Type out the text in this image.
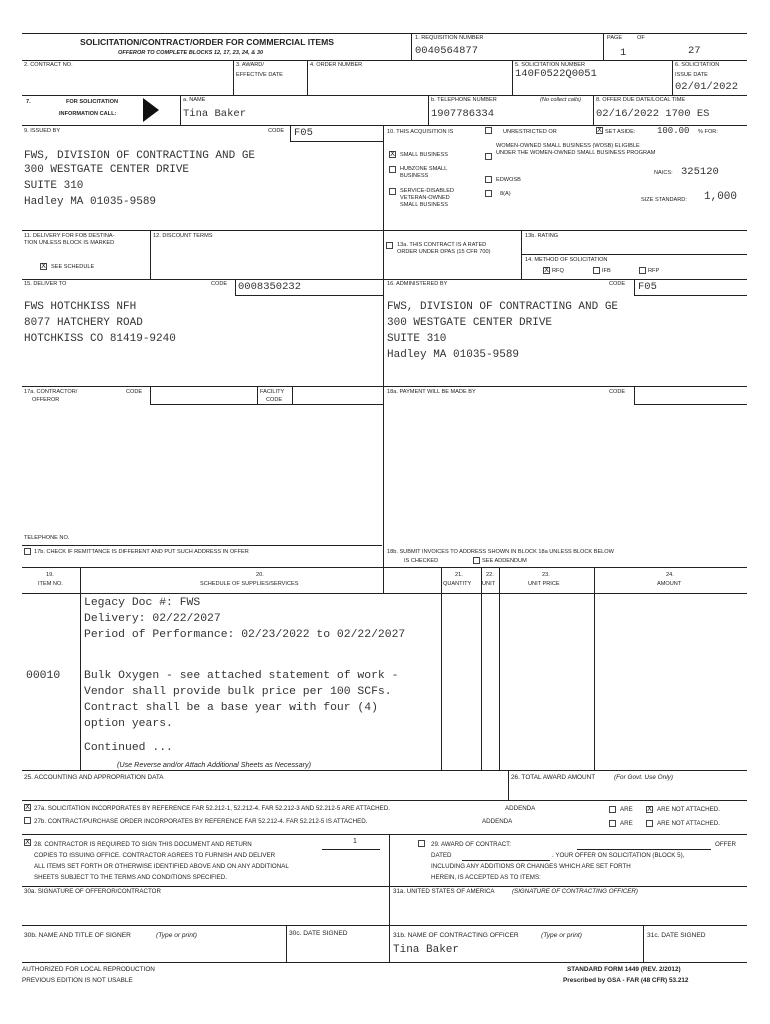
SOLICITATION/CONTRACT/ORDER FOR COMMERCIAL ITEMS
OFFEROR TO COMPLETE BLOCKS 12, 17, 23, 24, & 30
1. REQUISITION NUMBER
0040564877
PAGE	OF
1	27
2. CONTRACT NO.	3. AWARD/
EFFECTIVE DATE
4. ORDER NUMBER	5. SOLICITATION NUMBER
140F0522Q0051
6. SOLICITATION
ISSUE DATE
02/01/2022
7.	FOR SOLICITATION
INFORMATION CALL:
a. NAME
Tina Baker
b. TELEPHONE NUMBER	(No collect calls)
1907786334
8. OFFER DUE DATE/LOCAL TIME
02/16/2022 1700 ES
9. ISSUED BY	CODE F05
FWS, DIVISION OF CONTRACTING AND GE
300 WESTGATE CENTER DRIVE
SUITE 310
Hadley MA 01035-9589
10. THIS ACQUISITION IS	UNRESTRICTED OR	X SET ASIDE: 100.00 % FOR:
X SMALL BUSINESS
HUBZONE SMALL BUSINESS
SERVICE-DISABLED VETERAN-OWNED SMALL BUSINESS
WOMEN-OWNED SMALL BUSINESS (WOSB) ELIGIBLE UNDER THE WOMEN-OWNED SMALL BUSINESS PROGRAM
EDWOSB
8(A)
NAICS: 325120
SIZE STANDARD: 1,000
11. DELIVERY FOR FOB DESTINA-TION UNLESS BLOCK IS MARKED
X SEE SCHEDULE
12. DISCOUNT TERMS
13a. THIS CONTRACT IS A RATED ORDER UNDER DPAS (15 CFR 700)
13b. RATING
14. METHOD OF SOLICITATION
X RFQ	IFB	RFP
15. DELIVER TO	CODE 0008350232
FWS HOTCHKISS NFH
8077 HATCHERY ROAD
HOTCHKISS CO 81419-9240
16. ADMINISTERED BY	CODE F05
FWS, DIVISION OF CONTRACTING AND GE
300 WESTGATE CENTER DRIVE
SUITE 310
Hadley MA 01035-9589
17a. CONTRACTOR/
OFFEROR
CODE	FACILITY
CODE
TELEPHONE NO.
17b. CHECK IF REMITTANCE IS DIFFERENT AND PUT SUCH ADDRESS IN OFFER
18a. PAYMENT WILL BE MADE BY	CODE
18b. SUBMIT INVOICES TO ADDRESS SHOWN IN BLOCK 18a UNLESS BLOCK BELOW
IS CHECKED	SEE ADDENDUM
19.
ITEM NO.
20.
SCHEDULE OF SUPPLIES/SERVICES
21.
QUANTITY
22.
UNIT
23.
UNIT PRICE
24.
AMOUNT
Legacy Doc #: FWS
Delivery: 02/22/2027
Period of Performance: 02/23/2022 to 02/22/2027
00010 Bulk Oxygen - see attached statement of work -
Vendor shall provide bulk price per 100 SCFs.
Contract shall be a base year with four (4)
option years.
Continued ...
(Use Reverse and/or Attach Additional Sheets as Necessary)
25. ACCOUNTING AND APPROPRIATION DATA	26. TOTAL AWARD AMOUNT	(For Govt. Use Only)
X 27a. SOLICITATION INCORPORATES BY REFERENCE FAR 52.212-1, 52.212-4. FAR 52.212-3 AND 52.212-5 ARE ATTACHED.	ADDENDA	ARE X ARE NOT ATTACHED.
27b. CONTRACT/PURCHASE ORDER INCORPORATES BY REFERENCE FAR 52.212-4. FAR 52.212-5 IS ATTACHED.	ADDENDA	ARE	ARE NOT ATTACHED.
X 28. CONTRACTOR IS REQUIRED TO SIGN THIS DOCUMENT AND RETURN	1
COPIES TO ISSUING OFFICE. CONTRACTOR AGREES TO FURNISH AND DELIVER
ALL ITEMS SET FORTH OR OTHERWISE IDENTIFIED ABOVE AND ON ANY ADDITIONAL
SHEETS SUBJECT TO THE TERMS AND CONDITIONS SPECIFIED.
29. AWARD OF CONTRACT:	OFFER
DATED	. YOUR OFFER ON SOLICITATION (BLOCK 5),
INCLUDING ANY ADDITIONS OR CHANGES WHICH ARE SET FORTH
HEREIN, IS ACCEPTED AS TO ITEMS:
30a. SIGNATURE OF OFFEROR/CONTRACTOR	31a. UNITED STATES OF AMERICA	(SIGNATURE OF CONTRACTING OFFICER)
30b. NAME AND TITLE OF SIGNER	(Type or print)	30c. DATE SIGNED	31b. NAME OF CONTRACTING OFFICER	(Type or print)
Tina Baker
31c. DATE SIGNED
AUTHORIZED FOR LOCAL REPRODUCTION
PREVIOUS EDITION IS NOT USABLE
STANDARD FORM 1449 (REV. 2/2012)
Prescribed by GSA - FAR (48 CFR) 53.212
